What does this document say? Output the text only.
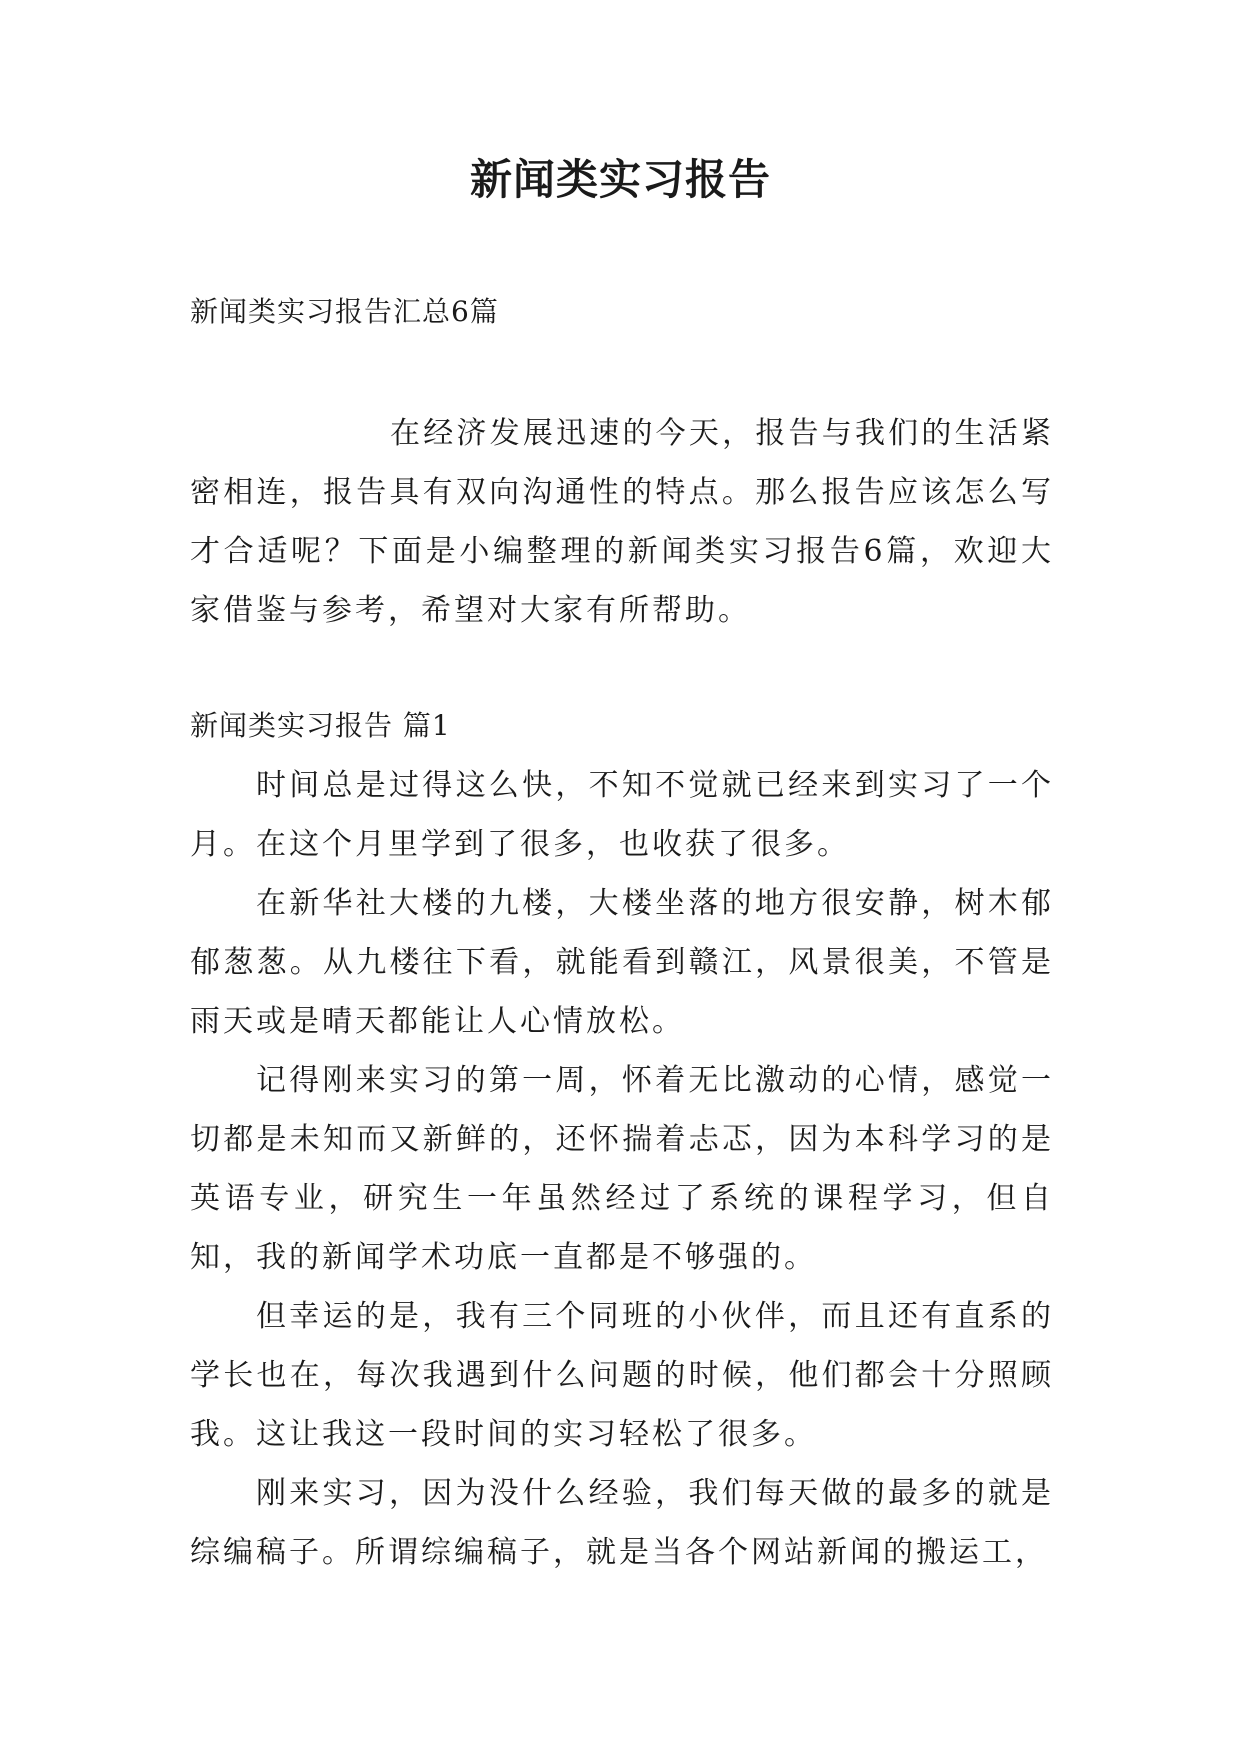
新闻类实习报告
新闻类实习报告汇总6篇

在经济发展迅速的今天，报告与我们的生活紧密相连，报告具有双向沟通性的特点。那么报告应该怎么写才合适呢？下面是小编整理的新闻类实习报告6篇，欢迎大家借鉴与参考，希望对大家有所帮助。

新闻类实习报告 篇1

时间总是过得这么快，不知不觉就已经来到实习了一个月。在这个月里学到了很多，也收获了很多。

在新华社大楼的九楼，大楼坐落的地方很安静，树木郁郁葱葱。从九楼往下看，就能看到赣江，风景很美，不管是雨天或是晴天都能让人心情放松。

记得刚来实习的第一周，怀着无比激动的心情，感觉一切都是未知而又新鲜的，还怀揣着忐忑，因为本科学习的是英语专业，研究生一年虽然经过了系统的课程学习，但自知，我的新闻学术功底一直都是不够强的。

但幸运的是，我有三个同班的小伙伴，而且还有直系的学长也在，每次我遇到什么问题的时候，他们都会十分照顾我。这让我这一段时间的实习轻松了很多。

刚来实习，因为没什么经验，我们每天做的最多的就是综编稿子。所谓综编稿子，就是当各个网站新闻的搬运工，
